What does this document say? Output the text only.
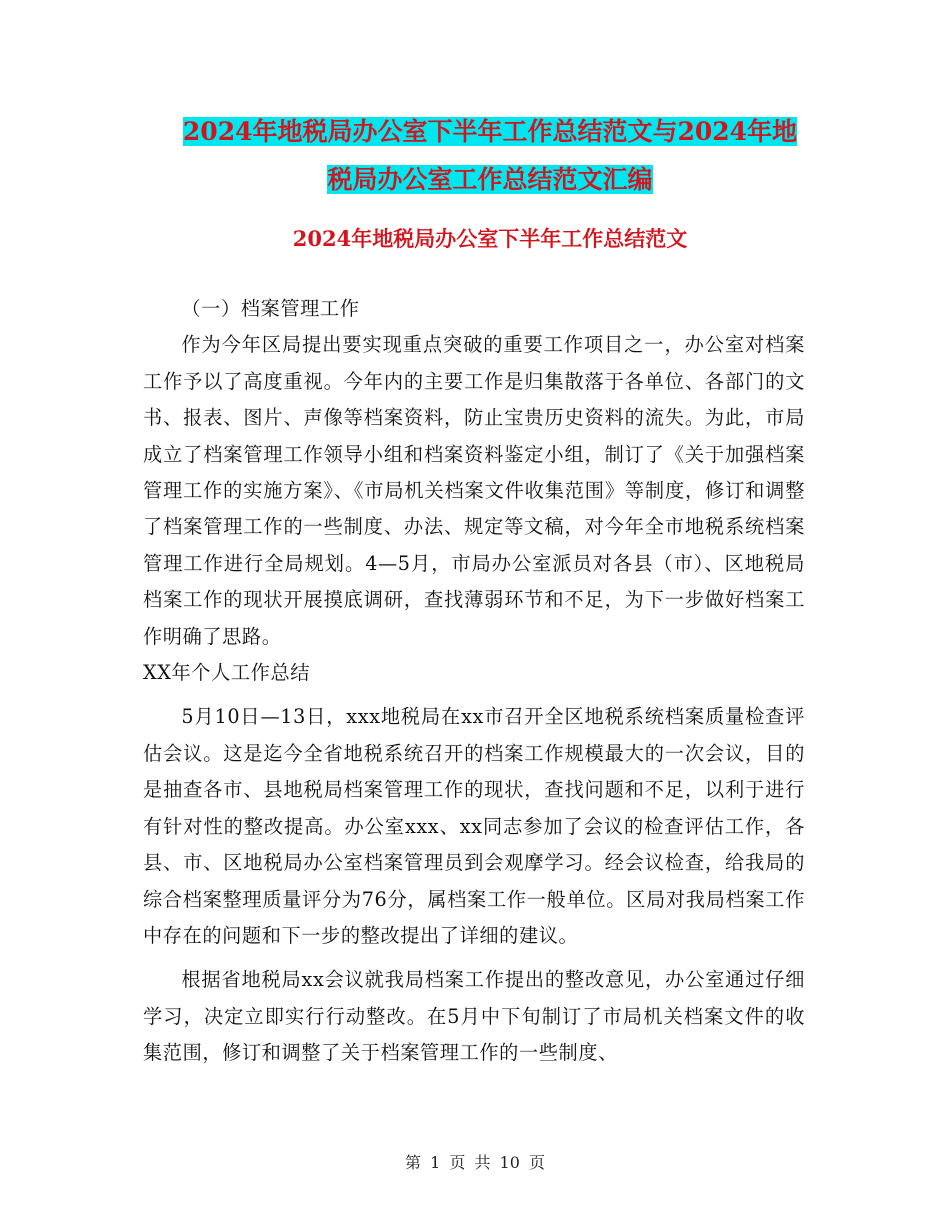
2024年地税局办公室下半年工作总结范文与2024年地
税局办公室工作总结范文汇编
2024年地税局办公室下半年工作总结范文

（一）档案管理工作

作为今年区局提出要实现重点突破的重要工作项目之一，办公室对档案工作予以了高度重视。今年内的主要工作是归集散落于各单位、各部门的文书、报表、图片、声像等档案资料，防止宝贵历史资料的流失。为此，市局成立了档案管理工作领导小组和档案资料鉴定小组，制订了《关于加强档案管理工作的实施方案》、《市局机关档案文件收集范围》等制度，修订和调整了档案管理工作的一些制度、办法、规定等文稿，对今年全市地税系统档案管理工作进行全局规划。4—5月，市局办公室派员对各县（市）、区地税局档案工作的现状开展摸底调研，查找薄弱环节和不足，为下一步做好档案工作明确了思路。

XX年个人工作总结

5月10日—13日，xxx地税局在xx市召开全区地税系统档案质量检查评估会议。这是迄今全省地税系统召开的档案工作规模最大的一次会议，目的是抽查各市、县地税局档案管理工作的现状，查找问题和不足，以利于进行有针对性的整改提高。办公室xxx、xx同志参加了会议的检查评估工作，各县、市、区地税局办公室档案管理员到会观摩学习。经会议检查，给我局的综合档案整理质量评分为76分，属档案工作一般单位。区局对我局档案工作中存在的问题和下一步的整改提出了详细的建议。

根据省地税局xx会议就我局档案工作提出的整改意见，办公室通过仔细学习，决定立即实行行动整改。在5月中下旬制订了市局机关档案文件的收集范围，修订和调整了关于档案管理工作的一些制度、

第 1 页 共 10 页
